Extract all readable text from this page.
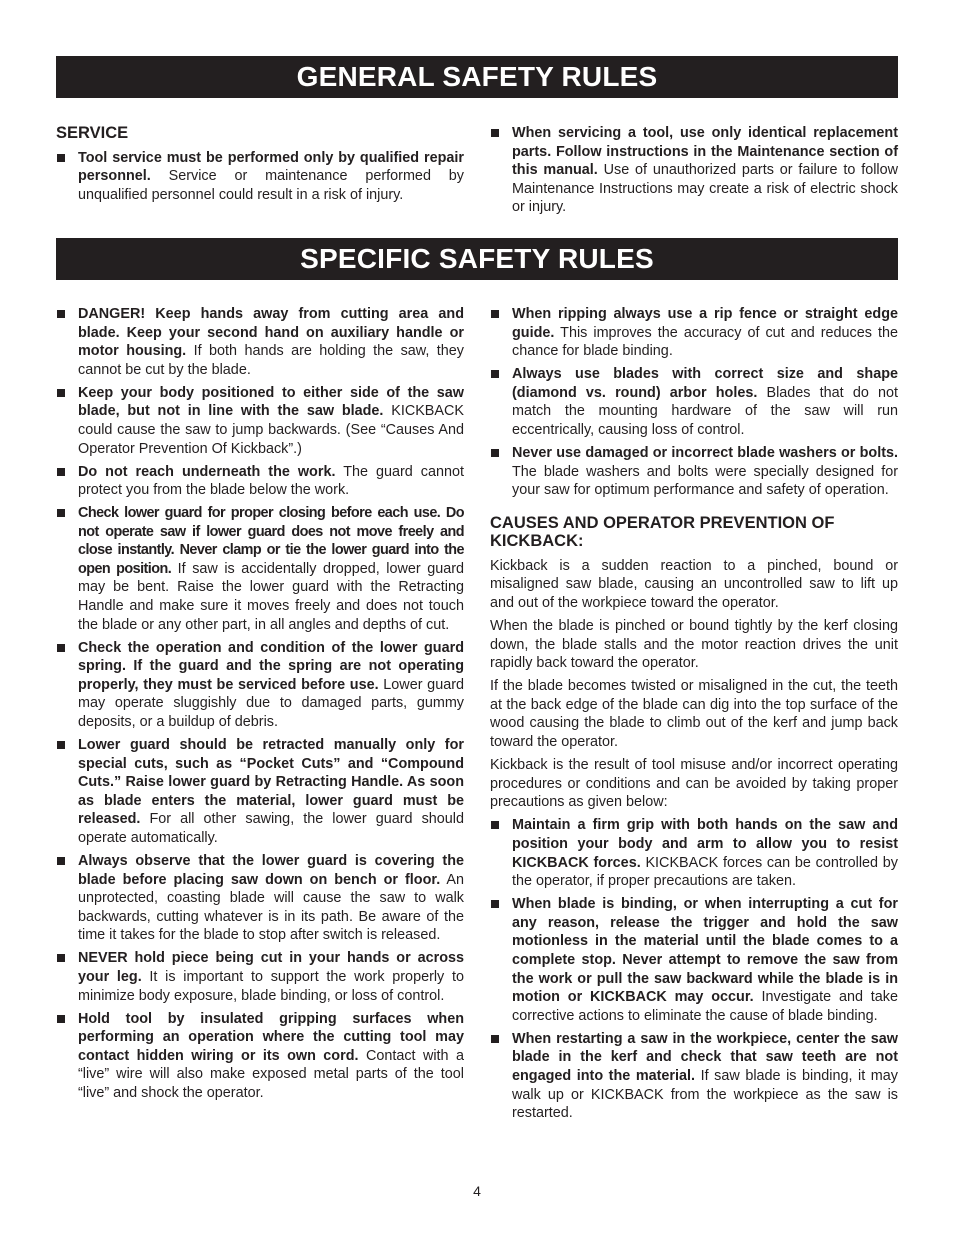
GENERAL SAFETY RULES
SERVICE
Tool service must be performed only by qualified repair personnel. Service or maintenance performed by unqualified personnel could result in a risk of injury.
When servicing a tool, use only identical replacement parts. Follow instructions in the Maintenance section of this manual. Use of unauthorized parts or failure to follow Maintenance Instructions may create a risk of electric shock or injury.
SPECIFIC SAFETY RULES
DANGER! Keep hands away from cutting area and blade. Keep your second hand on auxiliary handle or motor housing. If both hands are holding the saw, they cannot be cut by the blade.
Keep your body positioned to either side of the saw blade, but not in line with the saw blade. KICKBACK could cause the saw to jump backwards. (See “Causes And Operator Prevention Of Kickback”.)
Do not reach underneath the work. The guard cannot protect you from the blade below the work.
Check lower guard for proper closing before each use. Do not operate saw if lower guard does not move freely and close instantly. Never clamp or tie the lower guard into the open position. If saw is accidentally dropped, lower guard may be bent. Raise the lower guard with the Retracting Handle and make sure it moves freely and does not touch the blade or any other part, in all angles and depths of cut.
Check the operation and condition of the lower guard spring. If the guard and the spring are not operating properly, they must be serviced before use. Lower guard may operate sluggishly due to damaged parts, gummy deposits, or a buildup of debris.
Lower guard should be retracted manually only for special cuts, such as “Pocket Cuts” and “Compound Cuts.” Raise lower guard by Retracting Handle. As soon as blade enters the material, lower guard must be released. For all other sawing, the lower guard should operate automatically.
Always observe that the lower guard is covering the blade before placing saw down on bench or floor. An unprotected, coasting blade will cause the saw to walk backwards, cutting whatever is in its path. Be aware of the time it takes for the blade to stop after switch is released.
NEVER hold piece being cut in your hands or across your leg. It is important to support the work properly to minimize body exposure, blade binding, or loss of control.
Hold tool by insulated gripping surfaces when performing an operation where the cutting tool may contact hidden wiring or its own cord. Contact with a “live” wire will also make exposed metal parts of the tool “live” and shock the operator.
When ripping always use a rip fence or straight edge guide. This improves the accuracy of cut and reduces the chance for blade binding.
Always use blades with correct size and shape (diamond vs. round) arbor holes. Blades that do not match the mounting hardware of the saw will run eccentrically, causing loss of control.
Never use damaged or incorrect blade washers or bolts. The blade washers and bolts were specially designed for your saw for optimum performance and safety of operation.
CAUSES AND OPERATOR PREVENTION OF KICKBACK:

Kickback is a sudden reaction to a pinched, bound or misaligned saw blade, causing an uncontrolled saw to lift up and out of the workpiece toward the operator.

When the blade is pinched or bound tightly by the kerf closing down, the blade stalls and the motor reaction drives the unit rapidly back toward the operator.

If the blade becomes twisted or misaligned in the cut, the teeth at the back edge of the blade can dig into the top surface of the wood causing the blade to climb out of the kerf and jump back toward the operator.

Kickback is the result of tool misuse and/or incorrect operating procedures or conditions and can be avoided by taking proper precautions as given below:

Maintain a firm grip with both hands on the saw and position your body and arm to allow you to resist KICKBACK forces. KICKBACK forces can be controlled by the operator, if proper precautions are taken.
When blade is binding, or when interrupting a cut for any reason, release the trigger and hold the saw motionless in the material until the blade comes to a complete stop. Never attempt to remove the saw from the work or pull the saw backward while the blade is in motion or KICKBACK may occur. Investigate and take corrective actions to eliminate the cause of blade binding.
When restarting a saw in the workpiece, center the saw blade in the kerf and check that saw teeth are not engaged into the material. If saw blade is binding, it may walk up or KICKBACK from the workpiece as the saw is restarted.
4
